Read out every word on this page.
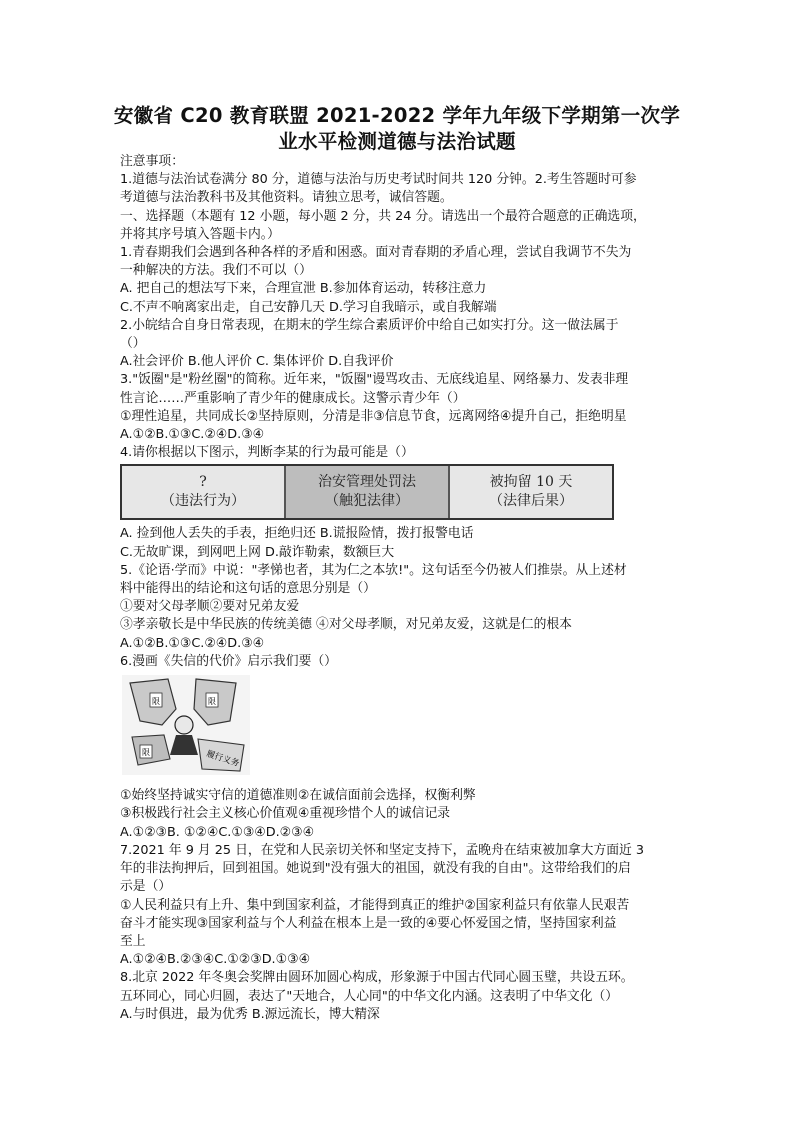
安徽省 C20 教育联盟 2021-2022 学年九年级下学期第一次学
业水平检测道德与法治试题

注意事项：

1.道德与法治试卷满分 80 分，道德与法治与历史考试时间共 120 分钟。2.考生答题时可参

考道德与法治教科书及其他资料。请独立思考，诚信答题。

一、选择题（本题有 12 小题，每小题 2 分，共 24 分。请选出一个最符合题意的正确选项，

并将其序号填入答题卡内。）

1.青春期我们会遇到各种各样的矛盾和困惑。面对青春期的矛盾心理，尝试自我调节不失为

一种解决的方法。我们不可以（）

A. 把自己的想法写下来，合理宣泄 B.参加体育运动，转移注意力

C.不声不响离家出走，自己安静几天 D.学习自我暗示，或自我解端

2.小皖结合自身日常表现，在期末的学生综合素质评价中给自己如实打分。这一做法属于

（）

A.社会评价 B.他人评价 C. 集体评价 D.自我评价

3."饭圈"是"粉丝圈"的简称。近年来，"饭圈"谩骂攻击、无底线追星、网络暴力、发表非理

性言论……严重影响了青少年的健康成长。这警示青少年（）

①理性追星，共同成长②坚持原则，分清是非③信息节食，远离网络④提升自己，拒绝明星

A.①②B.①③C.②④D.③④

4.请你根据以下图示，判断李某的行为最可能是（）

?
（违法行为）
治安管理处罚法
（触犯法律）
被拘留 10 天
（法律后果）

A. 捡到他人丢失的手表，拒绝归还 B.谎报险情，拨打报警电话

C.无故旷课，到网吧上网 D.敲诈勒索，数额巨大

5.《论语·学而》中说："孝悌也者，其为仁之本欤!"。这句话至今仍被人们推崇。从上述材

料中能得出的结论和这句话的意思分别是（）

①要对父母孝顺②要对兄弟友爱

③孝亲敬长是中华民族的传统美德 ④对父母孝顺，对兄弟友爱，这就是仁的根本

A.①②B.①③C.②④D.③④

6.漫画《失信的代价》启示我们要（）

限	限
限	履行义务

①始终坚持诚实守信的道德准则②在诚信面前会选择，权衡利弊

③积极践行社会主义核心价值观④重视珍惜个人的诚信记录

A.①②③B. ①②④C.①③④D.②③④

7.2021 年 9 月 25 日，在党和人民亲切关怀和坚定支持下，孟晚舟在结束被加拿大方面近 3

年的非法拘押后，回到祖国。她说到"没有强大的祖国，就没有我的自由"。这带给我们的启

示是（）

①人民利益只有上升、集中到国家利益，才能得到真正的维护②国家利益只有依靠人民艰苦

奋斗才能实现③国家利益与个人利益在根本上是一致的④要心怀爱国之情，坚持国家利益

至上

A.①②④B.②③④C.①②③D.①③④

8.北京 2022 年冬奥会奖牌由圆环加圆心构成，形象源于中国古代同心圆玉璧，共设五环。

五环同心，同心归圆，表达了"天地合，人心同"的中华文化内涵。这表明了中华文化（）

A.与时俱进，最为优秀 B.源远流长，博大精深
